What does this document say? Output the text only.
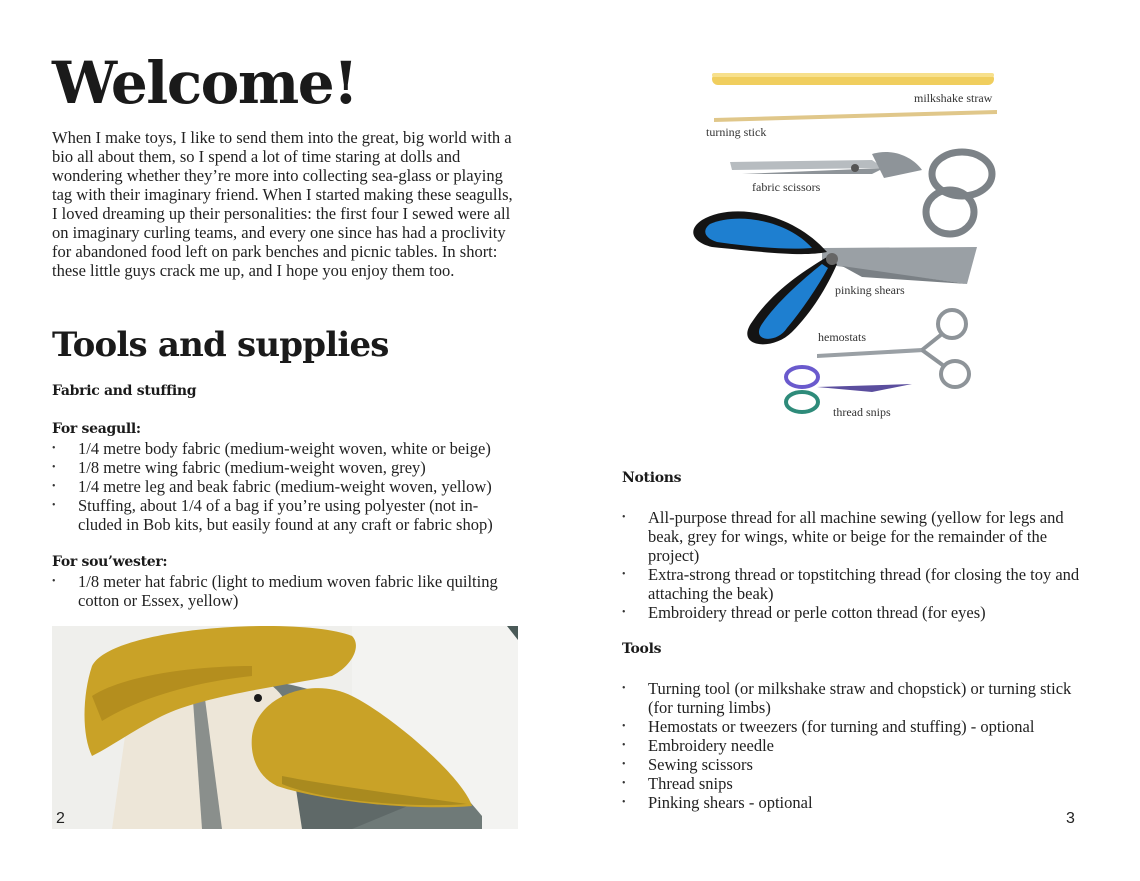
Welcome!

When I make toys, I like to send them into the great, big world with a bio all about them, so I spend a lot of time staring at dolls and wondering whether they’re more into collecting sea-glass or playing tag with their imaginary friend. When I started making these seagulls, I loved dreaming up their personalities: the first four I sewed were all on imaginary curling teams, and every one since has had a proclivity for abandoned food left on park benches and picnic tables. In short: these little guys crack me up, and I hope you enjoy them too.

Tools and supplies

Fabric and stuffing

For seagull:

• 1/4 metre body fabric (medium-weight woven, white or beige)
• 1/8 metre wing fabric (medium-weight woven, grey)
• 1/4 metre leg and beak fabric (medium-weight woven, yellow)
• Stuffing, about 1/4 of a bag if you’re using polyester (not in-cluded in Bob kits, but easily found at any craft or fabric shop)

For sou’wester:

• 1/8 meter hat fabric (light to medium woven fabric like quilting cotton or Essex, yellow)
2
milkshake straw
turning stick
fabric scissors
pinking shears
hemostats
thread snips

Notions

• All-purpose thread for all machine sewing (yellow for legs and beak, grey for wings, white or beige for the remainder of the project)
• Extra-strong thread or topstitching thread (for closing the toy and attaching the beak)
• Embroidery thread or perle cotton thread (for eyes)

Tools

• Turning tool (or milkshake straw and chopstick) or turning stick (for turning limbs)
• Hemostats or tweezers (for turning and stuffing) - optional
• Embroidery needle
• Sewing scissors
• Thread snips
• Pinking shears - optional
3
